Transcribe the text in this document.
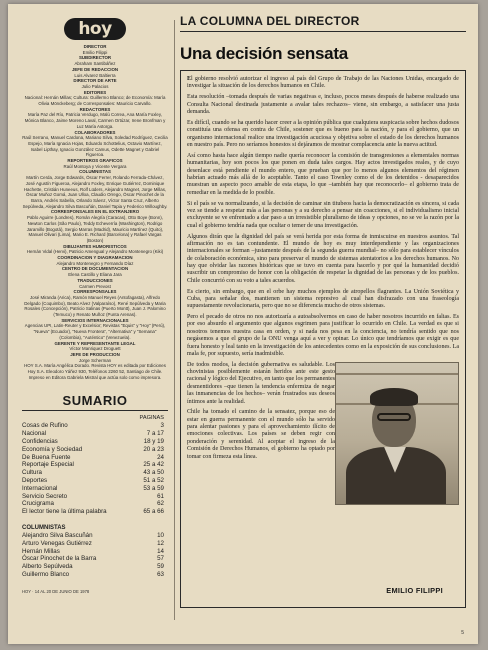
hoy
DIRECTOR
Emilio Filippi
SUBDIRECTOR
Abraham Santibáñez
JEFE DE REDACCION
Luis Alvarez Baltierra
DIRECTOR DE ARTE
Julio Palacios
EDITORES
Nacional: Hernán Millas; Cultura: Guillermo Blanco; de Economía: María Olivia Mönckeberg; de Corresponsales: Mauricio Carvallo.
REDACTORES
María Paz del Río, Patricia Verdugo, Malú Correa, Ana María Foxley, Mónica Blanco, Jaime Moreno Laval, Carmen Ortúzar, Irene Bronfman y Luz María Astorga.
COLABORADORES
Raúl Serrano, Manuel Cardona, Mariano Silva, Soledad Rodríguez, Cecilia Espejo, María Ignacia Hojas, Eduardo Schottelius, Octavio Martínez, Isabel Lipthay, Ignacio González Camus, Odette Magnet y Gabriel Figueroa.
REPORTEROS GRAFICOS
Raúl Montoya y Vicente Vergara
COLUMNISTAS
Martín Cerda, Jorge Edwards, Óscar Ferrer, Rolando Ferrada-Chávez, José Agustín Figueroa, Alejandro Foxley, Enrique Gutiérrez, Dominique Hachette, Cristián Huneeus, Rolf Lüders, Alejandro Magnet, Jorge Millas, Óscar Muñoz Gomá, Juan Ulloa, Claudio Orrego, Óscar Pinochet de la Barra, Andrés Sabella, Orlando Sáenz, Víctor Santa Cruz, Alberto Sepúlveda, Alejandro Silva Bascuñán, Daniel Tapia y Federico Willoughby.
CORRESPONSALES EN EL EXTRANJERO
Pablo Aguirre (Londres), Román Alegría (Caracas), Otto Boye (Bonn), Newton Carlos (São Paulo), Teddy Echeverría (Washington), Rodrigo Jaramillo (Bogotá), Sergio Marras (Madrid), Mauricio Martínez (Quito), Manuel Olivari (Lima), Mario E. Richard (Barcelona) y Rafael Vargas (Boston)
DIBUJANTES HUMORISTICOS
Hernán Vidal (Hervi), Patricio Amengual y Alejandro Montenegro (Kiki)
COORDINACION Y DIAGRAMACION
Alejandro Montenegro y Fernando Díaz
CENTRO DE DOCUMENTACION
Elena Castillo y Eliana Jara
TRADUCCIONES
Carmen Prevost
CORRESPONSALES
José Miranda (Arica), Ramón Manuel Reyes (Antofagasta), Alfredo Delgado (Coquimbo), Beato Alvez (Valparaíso), René Sepúlveda y Maria Rosales (Concepción), Patricio Salinas (Puerto Montt), Juan J. Palomino (Temuco) y Renato Muñoz (Punta Arenas).
SERVICIOS INTERNACIONALES
Agencias UPI, Latin-Reuter y Excelsior; Revistas "Equis" y "Hoy" (Perú), "Nueva" (Ecuador), "Nueva Frontera", "Alternativa" y "Semana" (Colombia), "Auténtico" (Venezuela).
GERENTE Y REPRESENTANTE LEGAL
Víctor Manriquez Droguett
JEFE DE PRODUCCION
Jorge Scherman
HOY S.A. María Angélica Dorado. Revista HOY es editada por Ediciones Hoy S.A. Eleodoro Yáñez 930, Teléfonos 2260 52, Santiago de Chile. Impreso en Editora Gabriela Mistral que actúa solo como impresora.
SUMARIO
PAGINAS
Cosas de Rufino	3
Nacional	7 a 17
Confidencias	18 y 19
Economía y Sociedad	20 a 23
De Buena Fuente	24
Reportaje Especial	25 a 42
Cultura	43 a 50
Deportes	51 a 52
Internacional	53 a 59
Servicio Secreto	61
Crucigrama	62
El lector tiene la última palabra	65 a 66
COLUMNISTAS
Alejandro Silva Bascuñán	10
Arturo Venegas Gutiérrez	12
Hernán Millas	14
Óscar Pinochet de la Barra	57
Alberto Sepúlveda	59
Guillermo Blanco	63
HOY · 14 AL 20 DE JUNIO DE 1978
LA COLUMNA DEL DIRECTOR
Una decisión sensata

El gobierno resolvió autorizar el ingreso al país del Grupo de Trabajo de las Naciones Unidas, encargado de investigar la situación de los derechos humanos en Chile.

Esta resolución –tomada después de varias negativas e, incluso, pocos meses después de haberse realizado una Consulta Nacional destinada justamente a avalar tales rechazos– viene, sin embargo, a satisfacer una justa demanda.

Es difícil, cuando se ha querido hacer creer a la opinión pública que cualquiera suspicacia sobre hechos dudosos constituía una ofensa en contra de Chile, sostener que es bueno para la nación, y para el gobierno, que un organismo internacional realice una investigación acuciosa y objetiva sobre el estado de los derechos humanos en nuestro país. Pero no seríamos honestos si dejáramos de mostrar complacencia ante la nueva actitud.

Así como hasta hace algún tiempo nadie quería reconocer la comisión de transgresiones a elementales normas humanitarias, hoy son pocos los que ponen en duda tales cargos. Hay actos investigados reales, y de cuyo desenlace está pendiente el mundo entero, que prueban que por lo menos algunos elementos del régimen habrían actuado más allá de lo aceptable. Tanto el caso Townley como el de los detenidos - desaparecidos muestran un aspecto poco amable de esta etapa, lo que –también hay que reconocerlo– el gobierno trata de remediar en la medida de lo posible.

Si el país se va normalizando, si la decisión de caminar sin titubeos hacia la democratización es sincera, si cada vez se tiende a respetar más a las personas y a su derecho a pensar sin coacciones, si el individualismo inicial excluyente se ve enfrentado a dar paso a un irresistible pluralismo de ideas y opciones, no se ve la razón por la cual el gobierno tendría nada que ocultar o temer de una investigación.

Algunos dirán que la dignidad del país se verá herida por esta forma de inmiscuirse en nuestros asuntos. Tal afirmación no es tan contundente. El mundo de hoy es muy interdependiente y las organizaciones internacionales se forman –justamente después de la segunda guerra mundial– no sólo para establecer vínculos de colaboración económica, sino para preservar el mundo de sistemas atentatorios a los derechos humanos. No hay que olvidar las razones históricas que se tuvo en cuenta para hacerlo y por qué la humanidad decidió suscribir un compromiso de honor con la obligación de respetar la dignidad de las personas y de los pueblos. Chile concurrió con su voto a tales acuerdos.

Es cierto, sin embargo, que en el orbe hay muchos ejemplos de atropellos flagrantes. La Unión Soviética y Cuba, para señalar dos, mantienen un sistema represivo al cual han disfrazado con una fraseología supuestamente revolucionaria, pero que no se diferencia mucho de otros sistemas.

Pero el pecado de otros no nos autorizaría a autoabsolvernos en caso de haber nosotros incurrido en faltas. Es por eso absurdo el argumento que algunos esgrimen para justificar lo ocurrido en Chile. La verdad es que si nosotros tenemos nuestra casa en orden, y si nada nos pesa en la conciencia, no tendría sentido que nos negásemos a que el grupo de la ONU venga aquí a ver y opinar. Lo único que tendríamos que exigir es que fuera honesto y leal tanto en la investigación de los antecedentes como en la exposición de sus conclusiones. La mala fe, por supuesto, sería inadmisible.

De todos modos, la decisión gubernativa es saludable. Los chovinistas posiblemente estarán heridos ante este gesto racional y lógico del Ejecutivo, en tanto que los permanentes desmentidores –que tienen la tendencia enfermiza de negar las inmanencias de los hechos– verán frustrados sus deseos íntimos ante la realidad.

Chile ha tomado el camino de la sensatez, porque eso de estar en guerra permanente con el mundo sólo ha servido para alentar pasiones y para el aprovechamiento ilícito de emociones colectivas. Los países se deben regir con ponderación y serenidad. Al aceptar el ingreso de la Comisión de Derechos Humanos, el gobierno ha optado por tomar con firmeza esta línea.

EMILIO FILIPPI
5
